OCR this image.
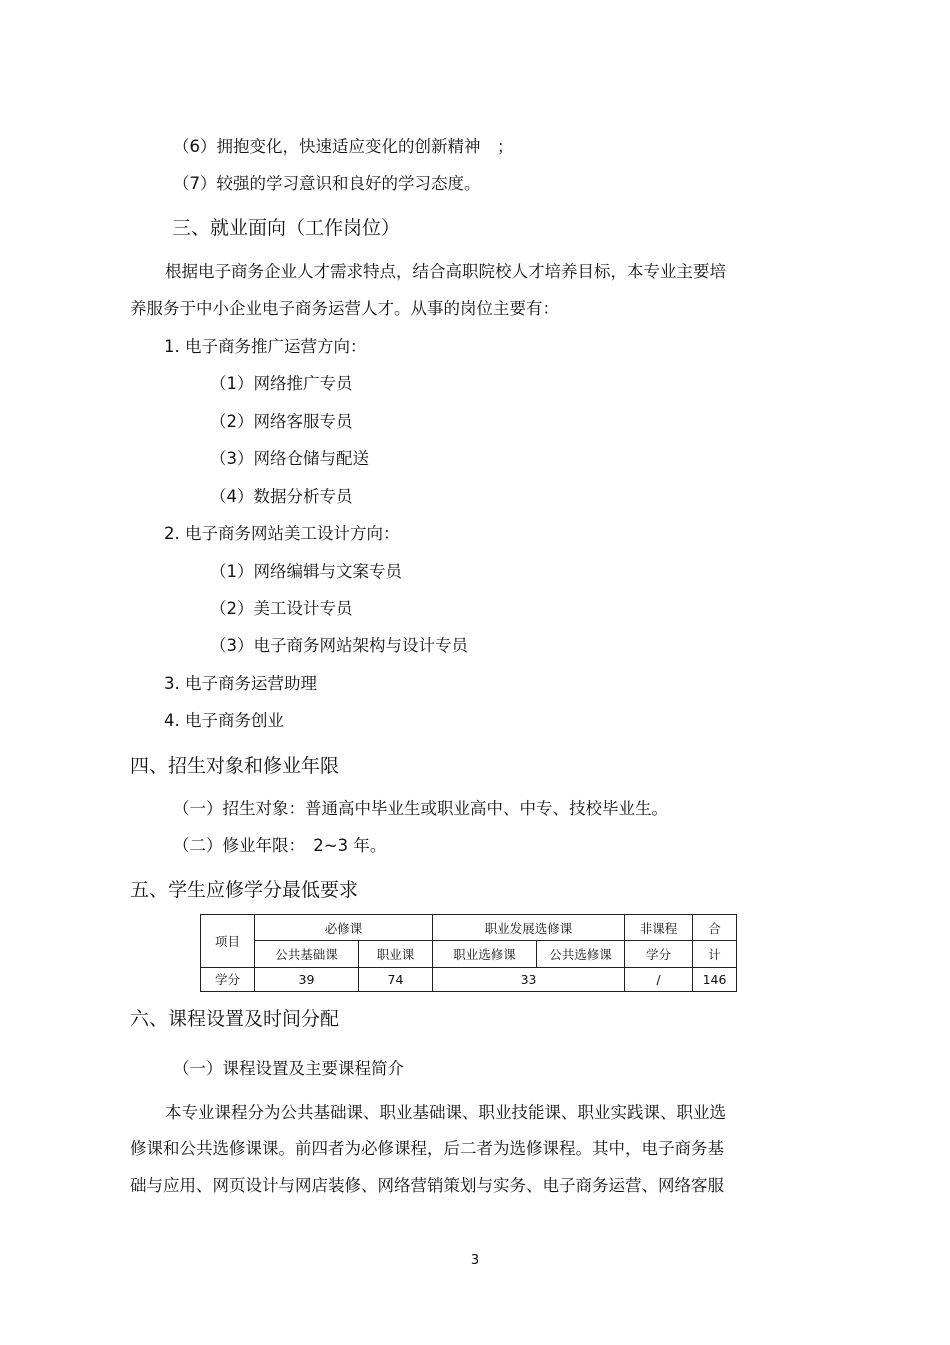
（6）拥抱变化，快速适应变化的创新精神　；
（7）较强的学习意识和良好的学习态度。
三、就业面向（工作岗位）
根据电子商务企业人才需求特点，结合高职院校人才培养目标，本专业主要培
养服务于中小企业电子商务运营人才。从事的岗位主要有：
1. 电子商务推广运营方向：
（1）网络推广专员
（2）网络客服专员
（3）网络仓储与配送
（4）数据分析专员
2. 电子商务网站美工设计方向：
（1）网络编辑与文案专员
（2）美工设计专员
（3）电子商务网站架构与设计专员
3. 电子商务运营助理
4. 电子商务创业
四、招生对象和修业年限
（一）招生对象：普通高中毕业生或职业高中、中专、技校毕业生。
（二）修业年限：　2~3 年。
五、学生应修学分最低要求
项目	必修课		职业发展选修课		非课程	合
	公共基础课	职业课	职业选修课	公共选修课	学分	计
学分	39	74	33		/	146
六、课程设置及时间分配
（一）课程设置及主要课程简介
本专业课程分为公共基础课、职业基础课、职业技能课、职业实践课、职业选
修课和公共选修课课。前四者为必修课程，后二者为选修课程。其中，电子商务基
础与应用、网页设计与网店装修、网络营销策划与实务、电子商务运营、网络客服
3
